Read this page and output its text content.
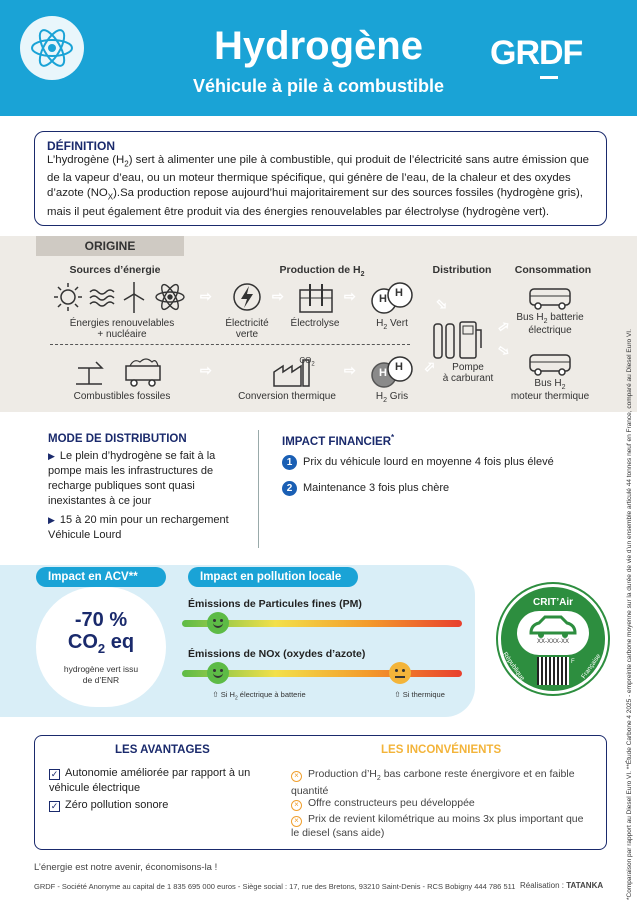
Hydrogène
Véhicule à pile à combustible
GRDF
DÉFINITION
L’hydrogène $(H_2)$ sert à alimenter une pile à combustible, qui produit de l’électricité sans autre émission que de la vapeur d’eau, ou un moteur thermique spécifique, qui génère de l’eau, de la chaleur et des oxydes d’azote $(NO_X).Sa$ production repose aujourd’hui majoritairement sur des sources fossiles (hydrogène gris), mais il peut également être produit via des énergies renouvelables par électrolyse (hydrogène vert).
ORIGINE
Sources d’énergie	Production de $H_2$	Distribution	Consommation
⇨	⇨	⇨ H H
Énergies renouvelables
+ nucléaire
Électricité
verte
Électrolyse	$H_2$ Vert
⇨
Pompe
à carburant
⇨
⇨
⇨
Bus $H_2$ batterie
électrique
Bus $H_2$
moteur thermique
⇨
$CO_2$ ⇨ H H
Combustibles fossiles	Conversion thermique	$H_2$ Gris
MODE DE DISTRIBUTION
▶ Le plein d’hydrogène se fait à la pompe mais les infrastructures de recharge publiques sont quasi inexistantes à ce jour
▶ 15 à 20 min pour un rechargement Véhicule Lourd
IMPACT FINANCIER*
1 Prix du véhicule lourd en moyenne 4 fois plus élevé
2 Maintenance 3 fois plus chère
Impact en ACV**	Impact en pollution locale
-70 %
$CO_2$ eq
hydrogène vert issu
de d’ENR
Émissions de Particules fines (PM)
Émissions de NOx (oxydes d’azote)
⇧ Si $H_2$ électrique à batterie	⇧ Si thermique
CRIT’Air
XX-XXX-XX
F
République	Française
LES AVANTAGES	LES INCONVÉNIENTS
✓ Autonomie améliorée par rapport à un véhicule électrique
✓ Zéro pollution sonore
× Production $d’H_2$ bas carbone reste énergivore et en faible quantité
× Offre constructeurs peu développée
× Prix de revient kilométrique au moins 3x plus important que le diesel (sans aide)
L’énergie est notre avenir, économisons-la !
GRDF - Société Anonyme au capital de 1 835 695 000 euros - Siège social : 17, rue des Bretons, 93210 Saint-Denis - RCS Bobigny 444 786 511 Réalisation : TATANKA	*Comparaison par rapport au Diesel Euro VI. **Étude Carbone 4 2025 - empreinte carbone moyenne sur la durée de vie d’un ensemble articulé 44 tonnes neuf en France, comparé au Diesel Euro VI.
